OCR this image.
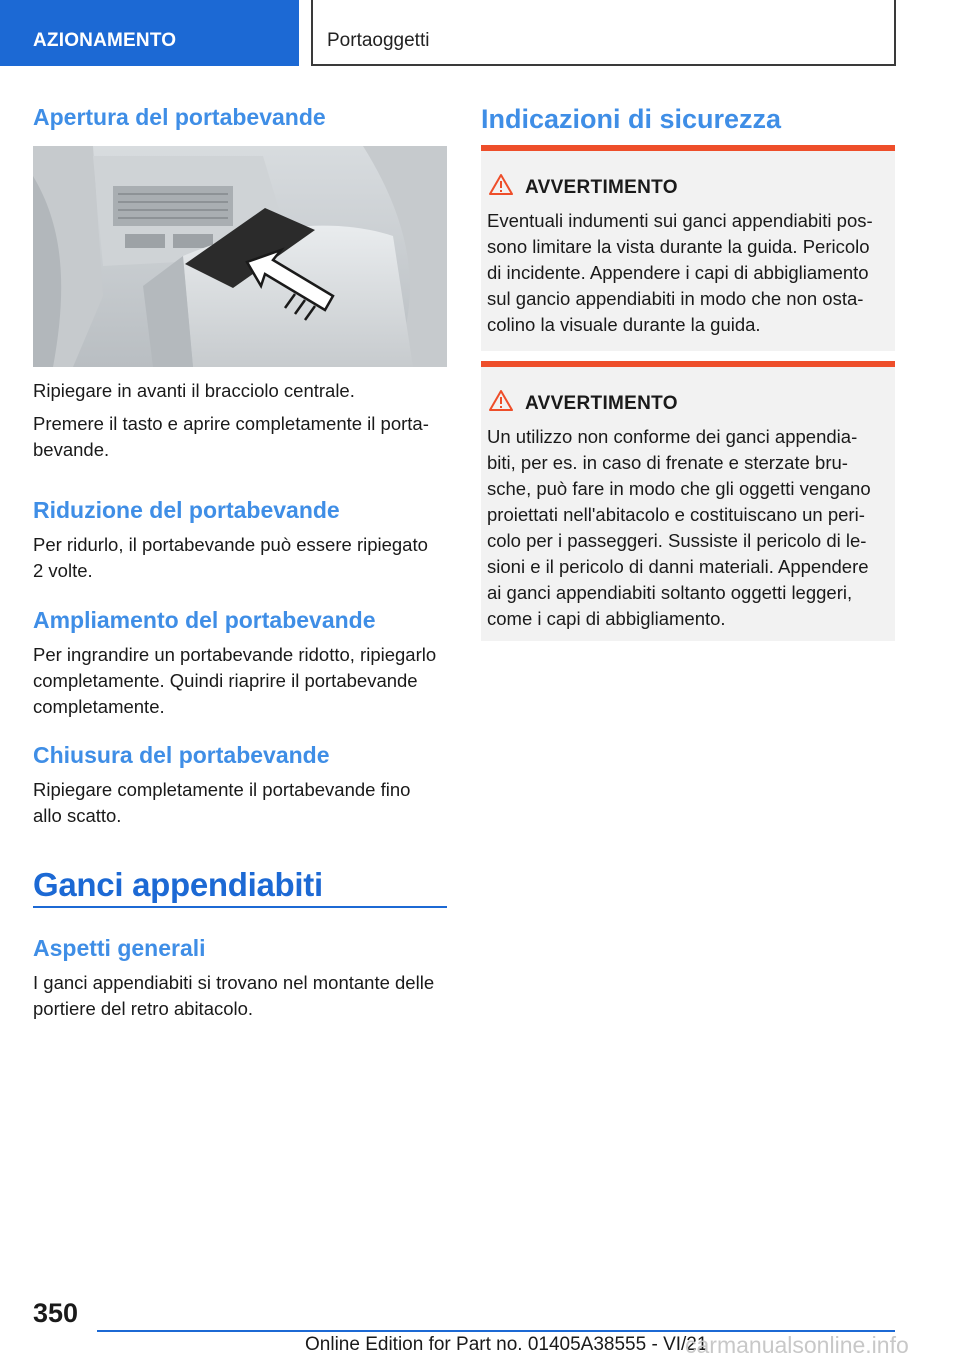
AZIONAMENTO	Portaoggetti
Apertura del portabevande
Ripiegare in avanti il bracciolo centrale.
Premere il tasto e aprire completamente il porta-
bevande.
Riduzione del portabevande
Per ridurlo, il portabevande può essere ripiegato
2 volte.
Ampliamento del portabevande
Per ingrandire un portabevande ridotto, ripiegarlo
completamente. Quindi riaprire il portabevande
completamente.
Chiusura del portabevande
Ripiegare completamente il portabevande fino
allo scatto.
Ganci appendiabiti
Aspetti generali
I ganci appendiabiti si trovano nel montante delle
portiere del retro abitacolo.
Indicazioni di sicurezza
AVVERTIMENTO
Eventuali indumenti sui ganci appendiabiti pos-
sono limitare la vista durante la guida. Pericolo
di incidente. Appendere i capi di abbigliamento
sul gancio appendiabiti in modo che non osta-
colino la visuale durante la guida.
AVVERTIMENTO
Un utilizzo non conforme dei ganci appendia-
biti, per es. in caso di frenate e sterzate bru-
sche, può fare in modo che gli oggetti vengano
proiettati nell'abitacolo e costituiscano un peri-
colo per i passeggeri. Sussiste il pericolo di le-
sioni e il pericolo di danni materiali. Appendere
ai ganci appendiabiti soltanto oggetti leggeri,
come i capi di abbigliamento.
350
Online Edition for Part no. 01405A38555 - VI/21
carmanualsonline.info
